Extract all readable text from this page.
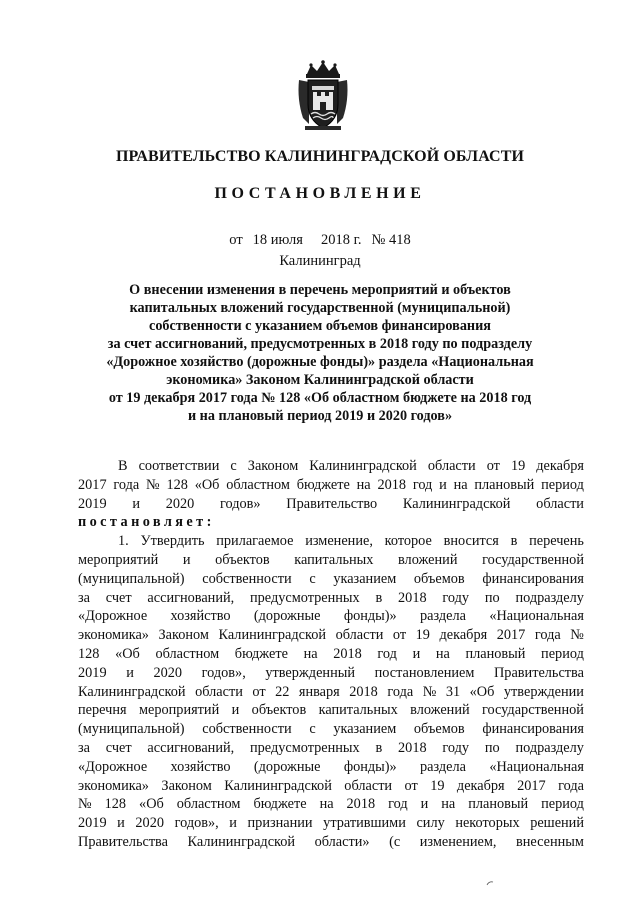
ПРАВИТЕЛЬСТВО КАЛИНИНГРАДСКОЙ ОБЛАСТИ
ПОСТАНОВЛЕНИЕ
от 18 июля 2018 г. № 418
Калининград
О внесении изменения в перечень мероприятий и объектов
капитальных вложений государственной (муниципальной)
собственности с указанием объемов финансирования
за счет ассигнований, предусмотренных в 2018 году по подразделу
«Дорожное хозяйство (дорожные фонды)» раздела «Национальная
экономика» Законом Калининградской области
от 19 декабря 2017 года № 128 «Об областном бюджете на 2018 год
и на плановый период 2019 и 2020 годов»
В соответствии с Законом Калининградской области от 19 декабря
2017 года № 128 «Об областном бюджете на 2018 год и на плановый период
2019 и 2020 годов» Правительство Калининградской области
постановляет:
1. Утвердить прилагаемое изменение, которое вносится в перечень
мероприятий и объектов капитальных вложений государственной
(муниципальной) собственности с указанием объемов финансирования
за счет ассигнований, предусмотренных в 2018 году по подразделу
«Дорожное хозяйство (дорожные фонды)» раздела «Национальная
экономика» Законом Калининградской области от 19 декабря 2017 года №
128 «Об областном бюджете на 2018 год и на плановый период
2019 и 2020 годов», утвержденный постановлением Правительства
Калининградской области от 22 января 2018 года № 31 «Об утверждении
перечня мероприятий и объектов капитальных вложений государственной
(муниципальной) собственности с указанием объемов финансирования
за счет ассигнований, предусмотренных в 2018 году по подразделу
«Дорожное хозяйство (дорожные фонды)» раздела «Национальная
экономика» Законом Калининградской области от 19 декабря 2017 года
№ 128 «Об областном бюджете на 2018 год и на плановый период
2019 и 2020 годов», и признании утратившими силу некоторых решений
Правительства Калининградской области» (с изменением, внесенным
